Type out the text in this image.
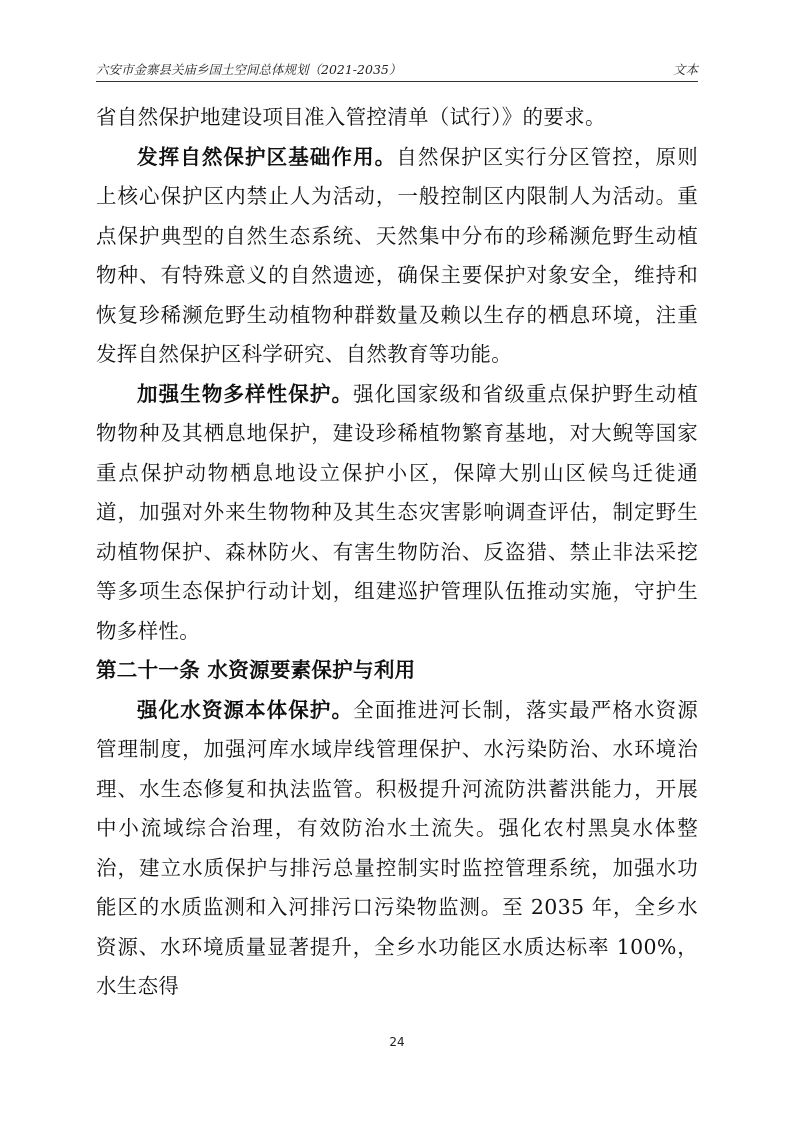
六安市金寨县关庙乡国土空间总体规划（2021-2035）	文本

省自然保护地建设项目准入管控清单（试行）》的要求。

发挥自然保护区基础作用。自然保护区实行分区管控，原则上核心保护区内禁止人为活动，一般控制区内限制人为活动。重点保护典型的自然生态系统、天然集中分布的珍稀濒危野生动植物种、有特殊意义的自然遗迹，确保主要保护对象安全，维持和恢复珍稀濒危野生动植物种群数量及赖以生存的栖息环境，注重发挥自然保护区科学研究、自然教育等功能。

加强生物多样性保护。强化国家级和省级重点保护野生动植物物种及其栖息地保护，建设珍稀植物繁育基地，对大鲵等国家重点保护动物栖息地设立保护小区，保障大别山区候鸟迁徙通道，加强对外来生物物种及其生态灾害影响调查评估，制定野生动植物保护、森林防火、有害生物防治、反盗猎、禁止非法采挖等多项生态保护行动计划，组建巡护管理队伍推动实施，守护生物多样性。

第二十一条 水资源要素保护与利用

强化水资源本体保护。全面推进河长制，落实最严格水资源管理制度，加强河库水域岸线管理保护、水污染防治、水环境治理、水生态修复和执法监管。积极提升河流防洪蓄洪能力，开展中小流域综合治理，有效防治水土流失。强化农村黑臭水体整治，建立水质保护与排污总量控制实时监控管理系统，加强水功能区的水质监测和入河排污口污染物监测。至 2035 年，全乡水资源、水环境质量显著提升，全乡水功能区水质达标率 100%，水生态得

24
